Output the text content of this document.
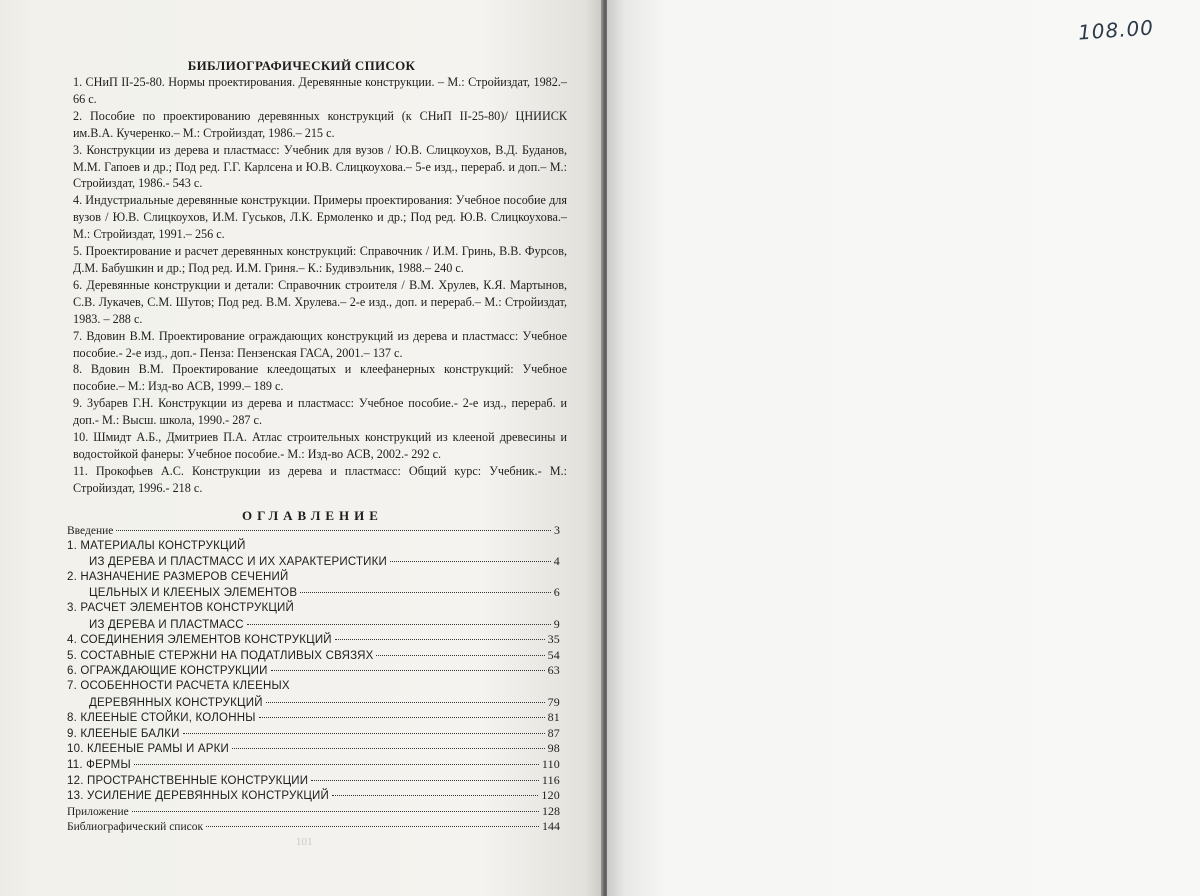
БИБЛИОГРАФИЧЕСКИЙ СПИСОК
1. СНиП II-25-80. Нормы проектирования. Деревянные конструкции. – М.: Стройиздат, 1982.– 66 с.
2. Пособие по проектированию деревянных конструкций (к СНиП II-25-80)/ ЦНИИСК им.В.А. Кучеренко.– М.: Стройиздат, 1986.– 215 с.
3. Конструкции из дерева и пластмасс: Учебник для вузов / Ю.В. Слицкоухов, В.Д. Буданов, М.М. Гапоев и др.; Под ред. Г.Г. Карлсена и Ю.В. Слицкоухова.– 5-е изд., перераб. и доп.– М.: Стройиздат, 1986.- 543 с.
4. Индустриальные деревянные конструкции. Примеры проектирования: Учебное пособие для вузов / Ю.В. Слицкоухов, И.М. Гуськов, Л.К. Ермоленко и др.; Под ред. Ю.В. Слицкоухова.– М.: Стройиздат, 1991.– 256 с.
5. Проектирование и расчет деревянных конструкций: Справочник / И.М. Гринь, В.В. Фурсов, Д.М. Бабушкин и др.; Под ред. И.М. Гриня.– К.: Будивэльник, 1988.– 240 с.
6. Деревянные конструкции и детали: Справочник строителя / В.М. Хрулев, К.Я. Мартынов, С.В. Лукачев, С.М. Шутов; Под ред. В.М. Хрулева.– 2-е изд., доп. и перераб.– М.: Стройиздат, 1983. – 288 с.
7. Вдовин В.М. Проектирование ограждающих конструкций из дерева и пластмасс: Учебное пособие.- 2-е изд., доп.- Пенза: Пензенская ГАСА, 2001.– 137 с.
8. Вдовин В.М. Проектирование клеедощатых и клеефанерных конструкций: Учебное пособие.– М.: Изд-во АСВ, 1999.– 189 с.
9. Зубарев Г.Н. Конструкции из дерева и пластмасс: Учебное пособие.- 2-е изд., перераб. и доп.- М.: Высш. школа, 1990.- 287 с.
10. Шмидт А.Б., Дмитриев П.А. Атлас строительных конструкций из клееной древесины и водостойкой фанеры: Учебное пособие.- М.: Изд-во АСВ, 2002.- 292 с.
11. Прокофьев А.С. Конструкции из дерева и пластмасс: Общий курс: Учебник.- М.: Стройиздат, 1996.- 218 с.
ОГЛАВЛЕНИЕ
Введение	3
1. МАТЕРИАЛЫ КОНСТРУКЦИЙ
ИЗ ДЕРЕВА И ПЛАСТМАСС И ИХ ХАРАКТЕРИСТИКИ	4
2. НАЗНАЧЕНИЕ РАЗМЕРОВ СЕЧЕНИЙ
ЦЕЛЬНЫХ И КЛЕЕНЫХ ЭЛЕМЕНТОВ	6
3. РАСЧЕТ ЭЛЕМЕНТОВ КОНСТРУКЦИЙ
ИЗ ДЕРЕВА И ПЛАСТМАСС	9
4. СОЕДИНЕНИЯ ЭЛЕМЕНТОВ КОНСТРУКЦИЙ	35
5. СОСТАВНЫЕ СТЕРЖНИ НА ПОДАТЛИВЫХ СВЯЗЯХ	54
6. ОГРАЖДАЮЩИЕ КОНСТРУКЦИИ	63
7. ОСОБЕННОСТИ РАСЧЕТА КЛЕЕНЫХ
ДЕРЕВЯННЫХ КОНСТРУКЦИЙ	79
8. КЛЕЕНЫЕ СТОЙКИ, КОЛОННЫ	81
9. КЛЕЕНЫЕ БАЛКИ	87
10. КЛЕЕНЫЕ РАМЫ И АРКИ	98
11. ФЕРМЫ	110
12. ПРОСТРАНСТВЕННЫЕ КОНСТРУКЦИИ	116
13. УСИЛЕНИЕ ДЕРЕВЯННЫХ КОНСТРУКЦИЙ	120
Приложение	128
Библиографический список	144
101
108.00
